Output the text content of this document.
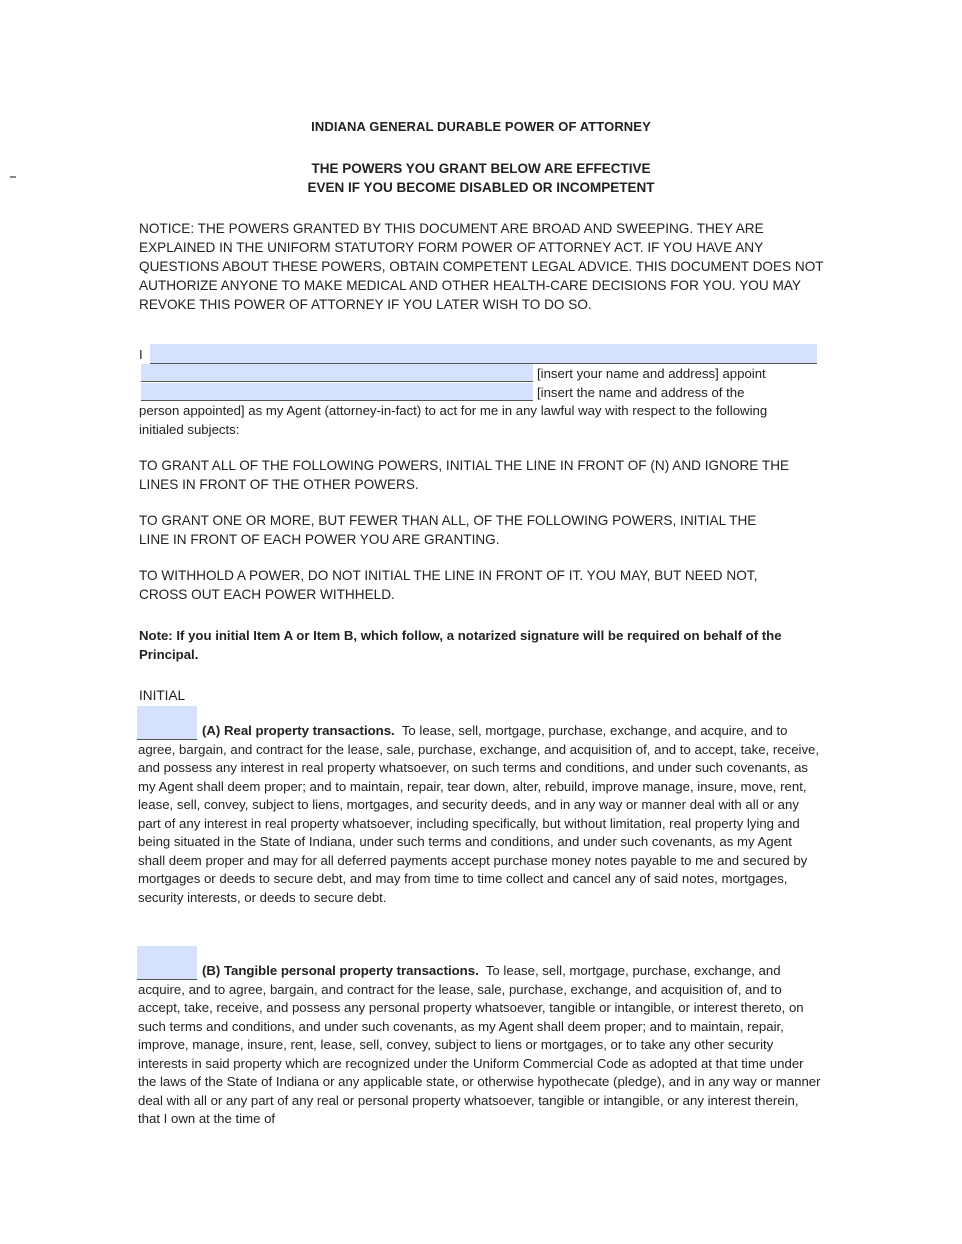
INDIANA GENERAL DURABLE POWER OF ATTORNEY
THE POWERS YOU GRANT BELOW ARE EFFECTIVE
EVEN IF YOU BECOME DISABLED OR INCOMPETENT

NOTICE: THE POWERS GRANTED BY THIS DOCUMENT ARE BROAD AND SWEEPING. THEY ARE EXPLAINED IN THE UNIFORM STATUTORY FORM POWER OF ATTORNEY ACT. IF YOU HAVE ANY QUESTIONS ABOUT THESE POWERS, OBTAIN COMPETENT LEGAL ADVICE. THIS DOCUMENT DOES NOT AUTHORIZE ANYONE TO MAKE MEDICAL AND OTHER HEALTH-CARE DECISIONS FOR YOU. YOU MAY REVOKE THIS POWER OF ATTORNEY IF YOU LATER WISH TO DO SO.

I
[insert your name and address] appoint
[insert the name and address of the

person appointed] as my Agent (attorney-in-fact) to act for me in any lawful way with respect to the following initialed subjects:

TO GRANT ALL OF THE FOLLOWING POWERS, INITIAL THE LINE IN FRONT OF (N) AND IGNORE THE LINES IN FRONT OF THE OTHER POWERS.

TO GRANT ONE OR MORE, BUT FEWER THAN ALL, OF THE FOLLOWING POWERS, INITIAL THE LINE IN FRONT OF EACH POWER YOU ARE GRANTING.

TO WITHHOLD A POWER, DO NOT INITIAL THE LINE IN FRONT OF IT. YOU MAY, BUT NEED NOT, CROSS OUT EACH POWER WITHHELD.

Note: If you initial Item A or Item B, which follow, a notarized signature will be required on behalf of the Principal.

INITIAL

(A) Real property transactions. To lease, sell, mortgage, purchase, exchange, and acquire, and to agree, bargain, and contract for the lease, sale, purchase, exchange, and acquisition of, and to accept, take, receive, and possess any interest in real property whatsoever, on such terms and conditions, and under such covenants, as my Agent shall deem proper; and to maintain, repair, tear down, alter, rebuild, improve manage, insure, move, rent, lease, sell, convey, subject to liens, mortgages, and security deeds, and in any way or manner deal with all or any part of any interest in real property whatsoever, including specifically, but without limitation, real property lying and being situated in the State of Indiana, under such terms and conditions, and under such covenants, as my Agent shall deem proper and may for all deferred payments accept purchase money notes payable to me and secured by mortgages or deeds to secure debt, and may from time to time collect and cancel any of said notes, mortgages, security interests, or deeds to secure debt.

(B) Tangible personal property transactions. To lease, sell, mortgage, purchase, exchange, and acquire, and to agree, bargain, and contract for the lease, sale, purchase, exchange, and acquisition of, and to accept, take, receive, and possess any personal property whatsoever, tangible or intangible, or interest thereto, on such terms and conditions, and under such covenants, as my Agent shall deem proper; and to maintain, repair, improve, manage, insure, rent, lease, sell, convey, subject to liens or mortgages, or to take any other security interests in said property which are recognized under the Uniform Commercial Code as adopted at that time under the laws of the State of Indiana or any applicable state, or otherwise hypothecate (pledge), and in any way or manner deal with all or any part of any real or personal property whatsoever, tangible or intangible, or any interest therein, that I own at the time of
